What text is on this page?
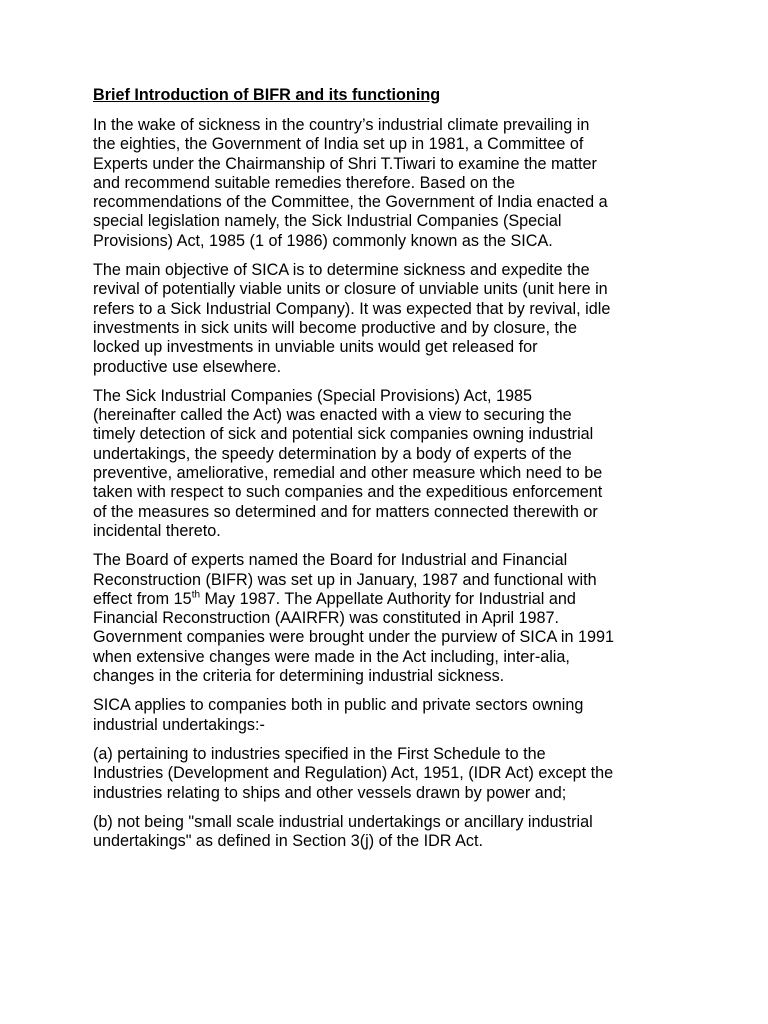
Brief Introduction of BIFR and its functioning

In the wake of sickness in the country’s industrial climate prevailing in
the eighties, the Government of India set up in 1981, a Committee of
Experts under the Chairmanship of Shri T.Tiwari to examine the matter
and recommend suitable remedies therefore. Based on the
recommendations of the Committee, the Government of India enacted a
special legislation namely, the Sick Industrial Companies (Special
Provisions) Act, 1985 (1 of 1986) commonly known as the SICA.

The main objective of SICA is to determine sickness and expedite the
revival of potentially viable units or closure of unviable units (unit here in
refers to a Sick Industrial Company). It was expected that by revival, idle
investments in sick units will become productive and by closure, the
locked up investments in unviable units would get released for
productive use elsewhere.

The Sick Industrial Companies (Special Provisions) Act, 1985
(hereinafter called the Act) was enacted with a view to securing the
timely detection of sick and potential sick companies owning industrial
undertakings, the speedy determination by a body of experts of the
preventive, ameliorative, remedial and other measure which need to be
taken with respect to such companies and the expeditious enforcement
of the measures so determined and for matters connected therewith or
incidental thereto.

The Board of experts named the Board for Industrial and Financial
Reconstruction (BIFR) was set up in January, 1987 and functional with
effect from 15th May 1987. The Appellate Authority for Industrial and
Financial Reconstruction (AAIRFR) was constituted in April 1987.
Government companies were brought under the purview of SICA in 1991
when extensive changes were made in the Act including, inter-alia,
changes in the criteria for determining industrial sickness.

SICA applies to companies both in public and private sectors owning
industrial undertakings:-

(a) pertaining to industries specified in the First Schedule to the
Industries (Development and Regulation) Act, 1951, (IDR Act) except the
industries relating to ships and other vessels drawn by power and;

(b) not being "small scale industrial undertakings or ancillary industrial
undertakings" as defined in Section 3(j) of the IDR Act.
